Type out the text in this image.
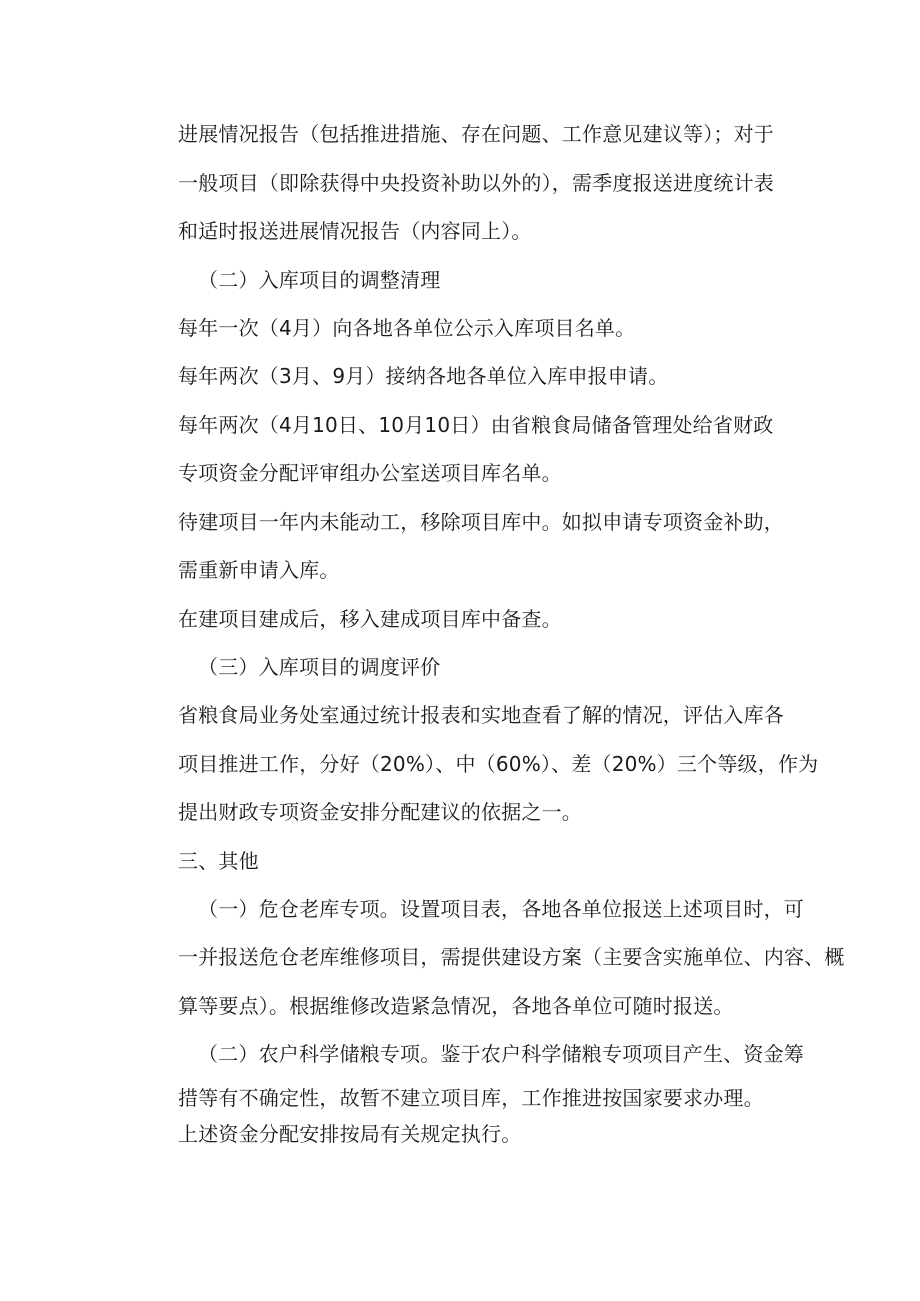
进展情况报告（包括推进措施、存在问题、工作意见建议等）；对于
一般项目（即除获得中央投资补助以外的），需季度报送进度统计表
和适时报送进展情况报告（内容同上）。
（二）入库项目的调整清理
每年一次（4月）向各地各单位公示入库项目名单。
每年两次（3月、9月）接纳各地各单位入库申报申请。
每年两次（4月10日、10月10日）由省粮食局储备管理处给省财政
专项资金分配评审组办公室送项目库名单。
待建项目一年内未能动工，移除项目库中。如拟申请专项资金补助，
需重新申请入库。
在建项目建成后，移入建成项目库中备查。
（三）入库项目的调度评价
省粮食局业务处室通过统计报表和实地查看了解的情况，评估入库各
项目推进工作，分好（20%）、中（60%）、差（20%）三个等级，作为
提出财政专项资金安排分配建议的依据之一。
三、其他
（一）危仓老库专项。设置项目表，各地各单位报送上述项目时，可
一并报送危仓老库维修项目，需提供建设方案（主要含实施单位、内容、概
算等要点）。根据维修改造紧急情况，各地各单位可随时报送。
（二）农户科学储粮专项。鉴于农户科学储粮专项项目产生、资金筹
措等有不确定性，故暂不建立项目库，工作推进按国家要求办理。
上述资金分配安排按局有关规定执行。
